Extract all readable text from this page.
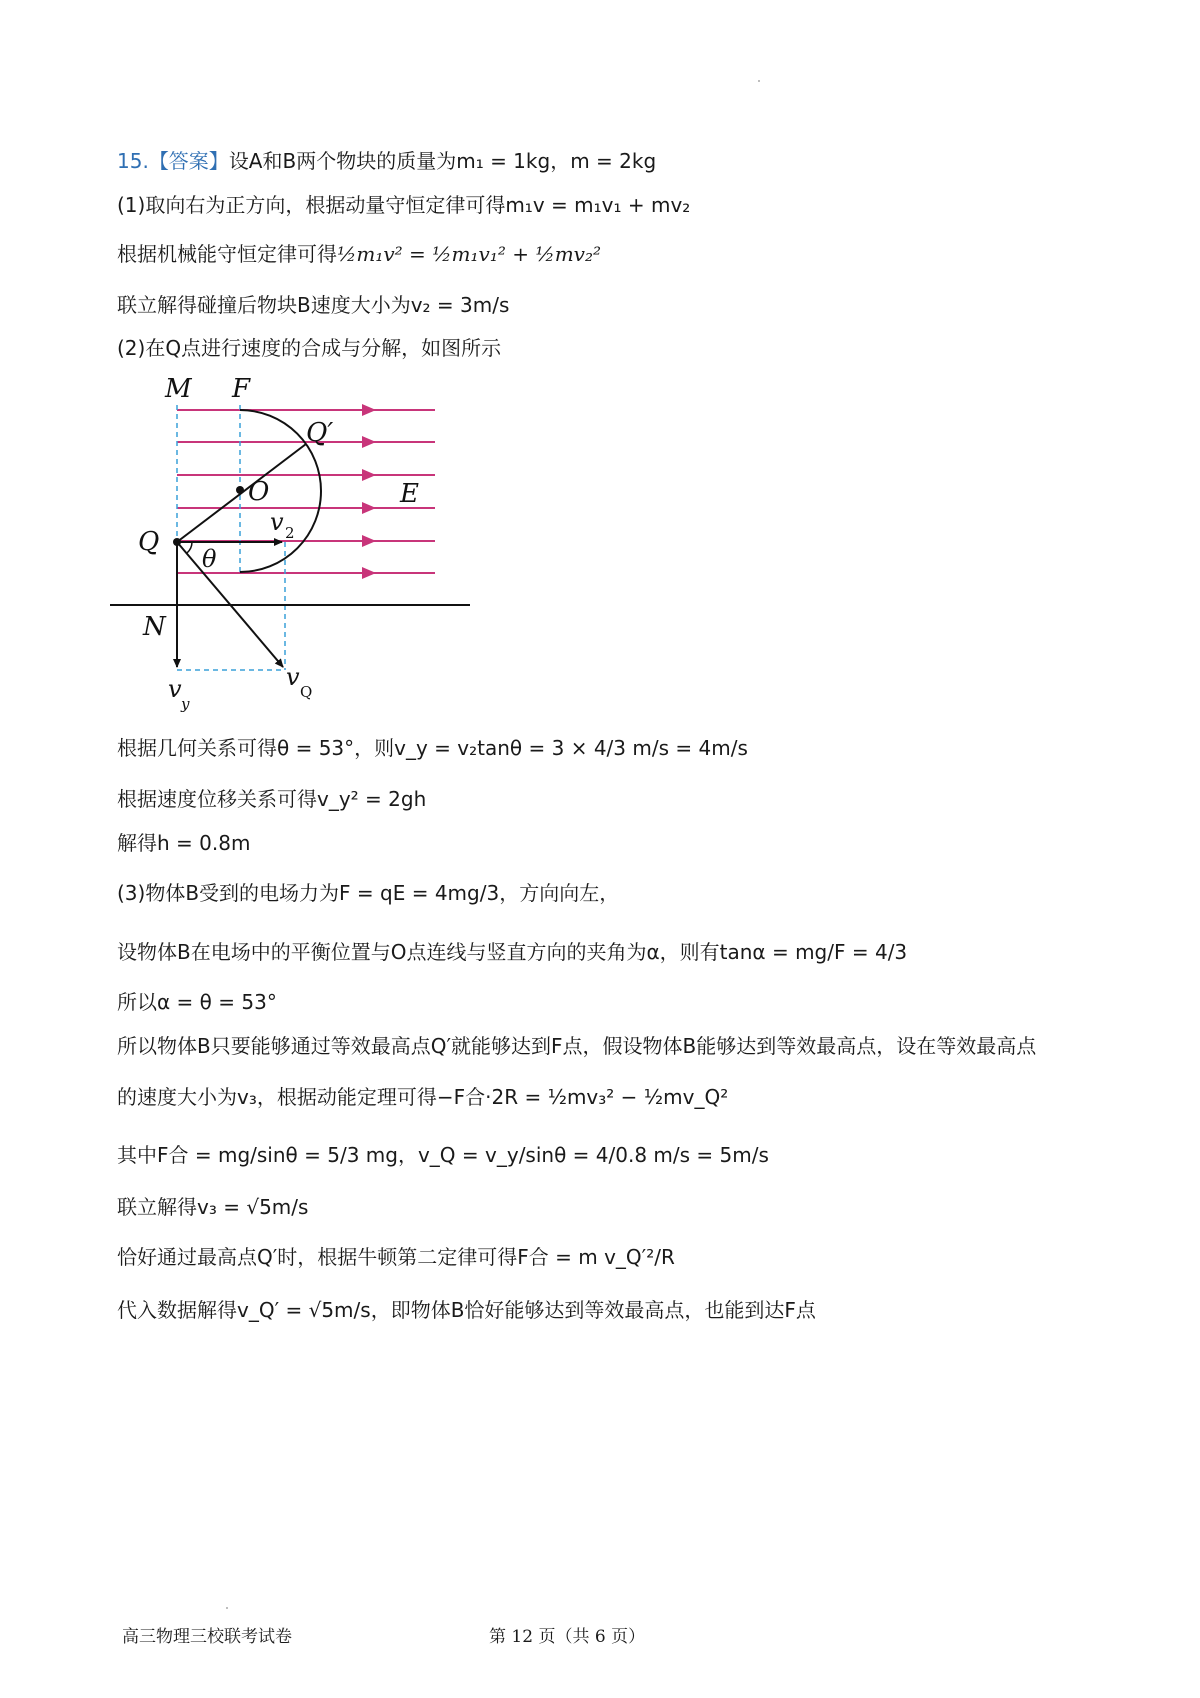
15.【答案】设A和B两个物块的质量为m₁ = 1kg，m = 2kg
(1)取向右为正方向，根据动量守恒定律可得m₁v = m₁v₁ + mv₂
根据机械能守恒定律可得½m₁v² = ½m₁v₁² + ½mv₂²
联立解得碰撞后物块B速度大小为v₂ = 3m/s
(2)在Q点进行速度的合成与分解，如图所示
M F
Q′
O	E
Q
θ
v 2
N
v
y
v
Q
根据几何关系可得θ = 53°，则v_y = v₂tanθ = 3 × 4/3 m/s = 4m/s
根据速度位移关系可得v_y² = 2gh
解得h = 0.8m
(3)物体B受到的电场力为F = qE = 4mg/3，方向向左，
设物体B在电场中的平衡位置与O点连线与竖直方向的夹角为α，则有tanα = mg/F = 4/3
所以α = θ = 53°
所以物体B只要能够通过等效最高点Q′就能够达到F点，假设物体B能够达到等效最高点，设在等效最高点
的速度大小为v₃，根据动能定理可得−F合·2R = ½mv₃² − ½mv_Q²
其中F合 = mg/sinθ = 5/3 mg，v_Q = v_y/sinθ = 4/0.8 m/s = 5m/s
联立解得v₃ = √5m/s
恰好通过最高点Q′时，根据牛顿第二定律可得F合 = m v_Q′²/R
代入数据解得v_Q′ = √5m/s，即物体B恰好能够达到等效最高点，也能到达F点
高三物理三校联考试卷	第 12 页（共 6 页）
